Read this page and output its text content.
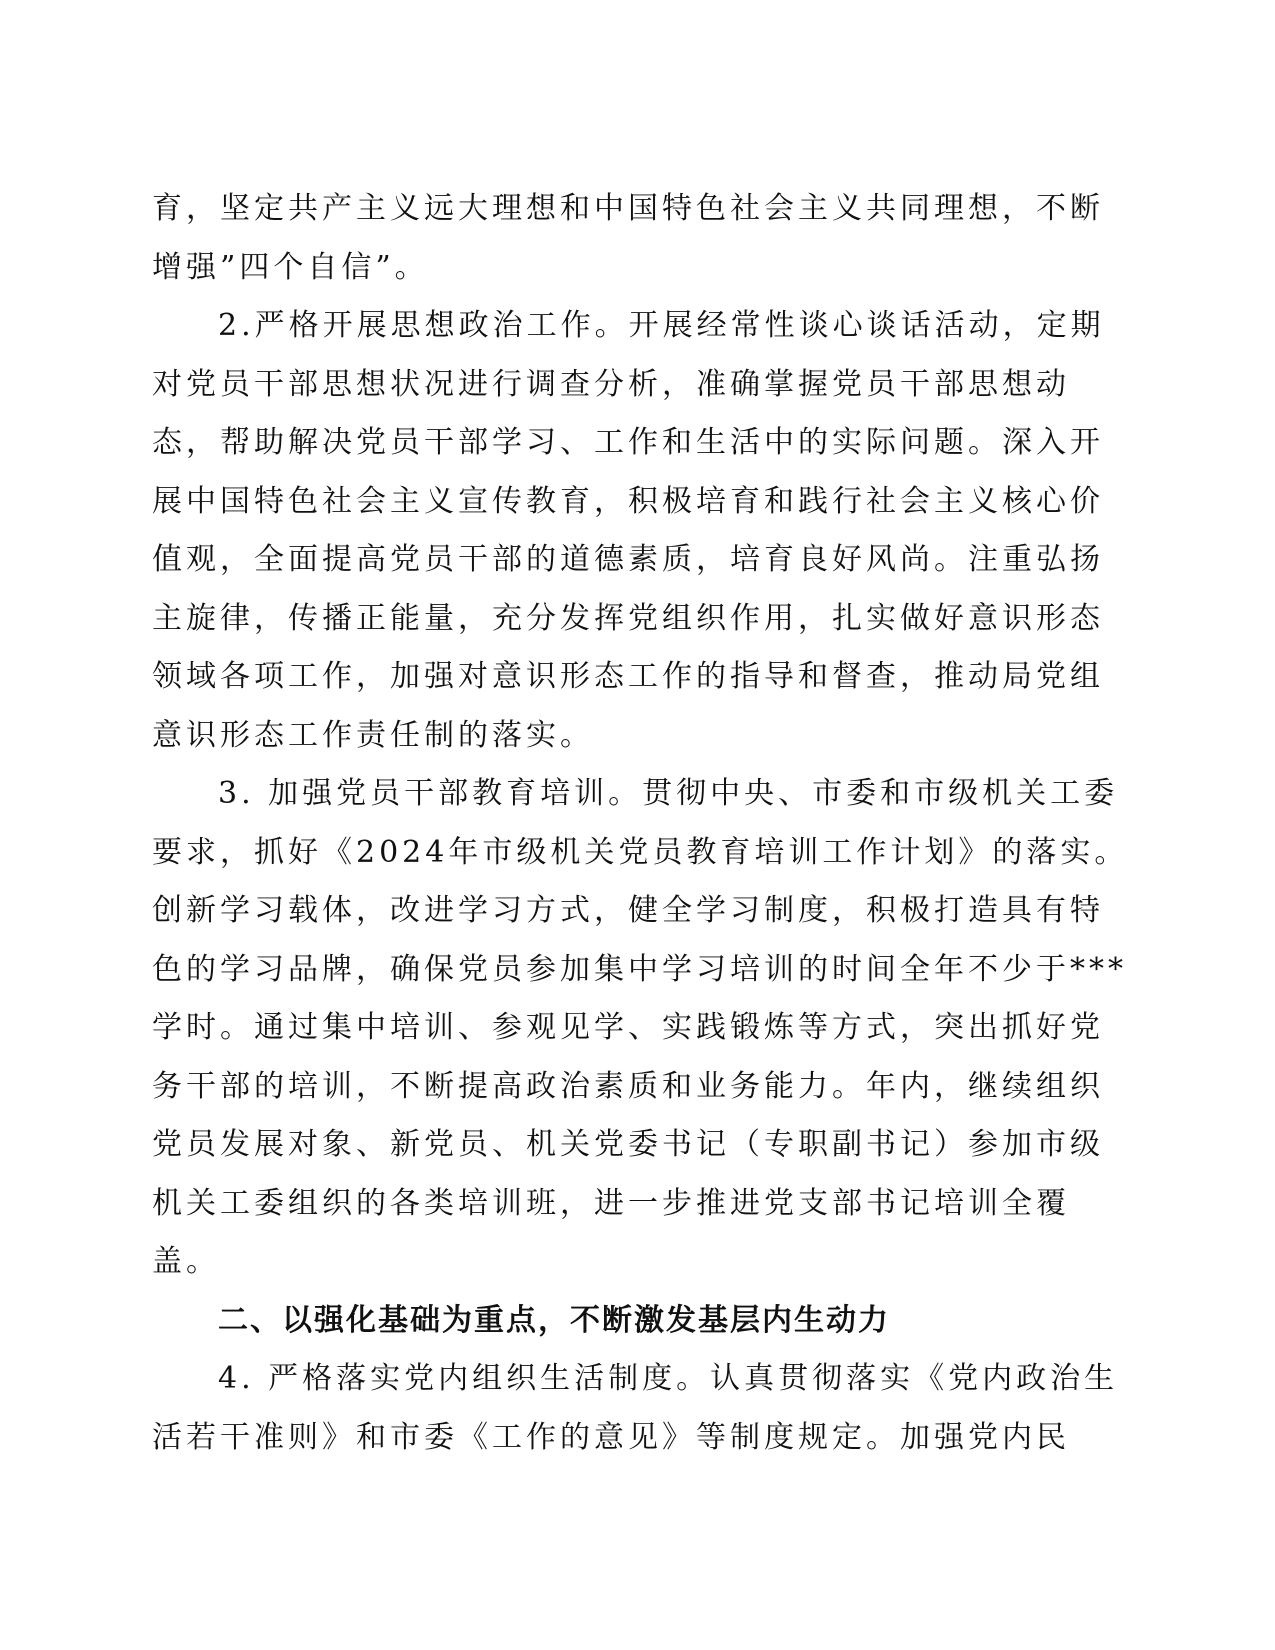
育，坚定共产主义远大理想和中国特色社会主义共同理想，不断
增强”四个自信”。
2.严格开展思想政治工作。开展经常性谈心谈话活动，定期
对党员干部思想状况进行调查分析，准确掌握党员干部思想动
态，帮助解决党员干部学习、工作和生活中的实际问题。深入开
展中国特色社会主义宣传教育，积极培育和践行社会主义核心价
值观，全面提高党员干部的道德素质，培育良好风尚。注重弘扬
主旋律，传播正能量，充分发挥党组织作用，扎实做好意识形态
领域各项工作，加强对意识形态工作的指导和督查，推动局党组
意识形态工作责任制的落实。
3. 加强党员干部教育培训。贯彻中央、市委和市级机关工委
要求，抓好《2024年市级机关党员教育培训工作计划》的落实。
创新学习载体，改进学习方式，健全学习制度，积极打造具有特
色的学习品牌，确保党员参加集中学习培训的时间全年不少于***
学时。通过集中培训、参观见学、实践锻炼等方式，突出抓好党
务干部的培训，不断提高政治素质和业务能力。年内，继续组织
党员发展对象、新党员、机关党委书记（专职副书记）参加市级
机关工委组织的各类培训班，进一步推进党支部书记培训全覆
盖。
二、以强化基础为重点，不断激发基层内生动力
4. 严格落实党内组织生活制度。认真贯彻落实《党内政治生
活若干准则》和市委《工作的意见》等制度规定。加强党内民
